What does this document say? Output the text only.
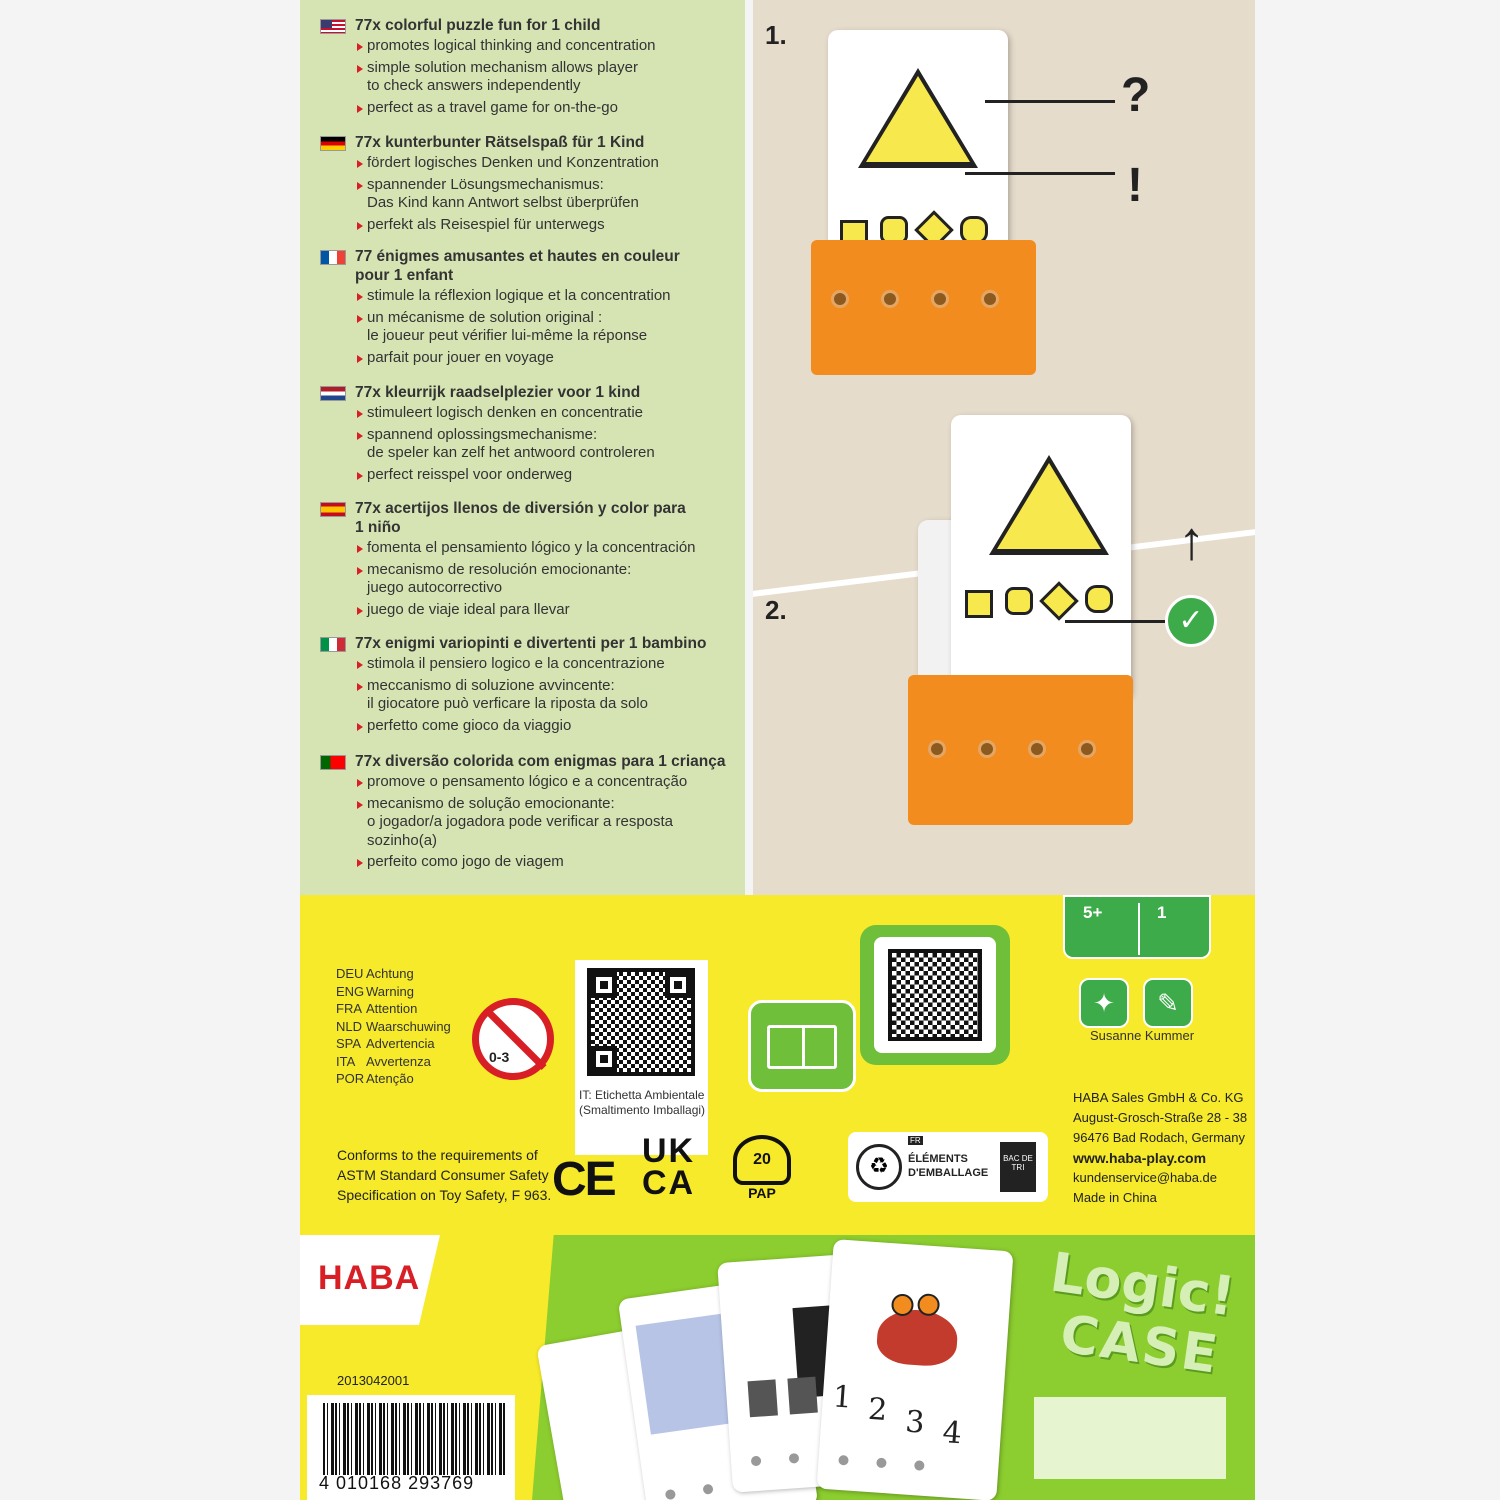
77x colorful puzzle fun for 1 child
promotes logical thinking and concentration
simple solution mechanism allows player
to check answers independently
perfect as a travel game for on-the-go
77x kunterbunter Rätselspaß für 1 Kind
fördert logisches Denken und Konzentration
spannender Lösungsmechanismus:
Das Kind kann Antwort selbst überprüfen
perfekt als Reisespiel für unterwegs
77 énigmes amusantes et hautes en couleur
pour 1 enfant
stimule la réflexion logique et la concentration
un mécanisme de solution original :
le joueur peut vérifier lui-même la réponse
parfait pour jouer en voyage
77x kleurrijk raadselplezier voor 1 kind
stimuleert logisch denken en concentratie
spannend oplossingsmechanisme:
de speler kan zelf het antwoord controleren
perfect reisspel voor onderweg
77x acertijos llenos de diversión y color para
1 niño
fomenta el pensamiento lógico y la concentración
mecanismo de resolución emocionante:
juego autocorrectivo
juego de viaje ideal para llevar
77x enigmi variopinti e divertenti per 1 bambino
stimola il pensiero logico e la concentrazione
meccanismo di soluzione avvincente:
il giocatore può verficare la riposta da solo
perfetto come gioco da viaggio
77x diversão colorida com enigmas para 1 criança
promove o pensamento lógico e a concentração
mecanismo de solução emocionante:
o jogador/a jogadora pode verificar a resposta
sozinho(a)
perfeito como jogo de viagem
1.
2.
?
!
✓
↑
DEU Achtung
ENG Warning
FRA Attention
NLD Waarschuwing
SPA Advertencia
ITA Avvertenza
POR Atenção
0-3
IT: Etichetta Ambientale
(Smaltimento Imballagi)
5+	1
✦	✎
Susanne Kummer
HABA Sales GmbH & Co. KG
August-Grosch-Straße 28 - 38
96476 Bad Rodach, Germany
www.haba-play.com
kundenservice@haba.de
Made in China
Conforms to the requirements of
ASTM Standard Consumer Safety
Specification on Toy Safety, F 963. CE
UK
CA
20
PAP
♻
FR
ÉLÉMENTS
D'EMBALLAGE
BAC DE TRI
HABA
1 2 3 4
Logic!
CASE
2013042001
4 010168 293769
